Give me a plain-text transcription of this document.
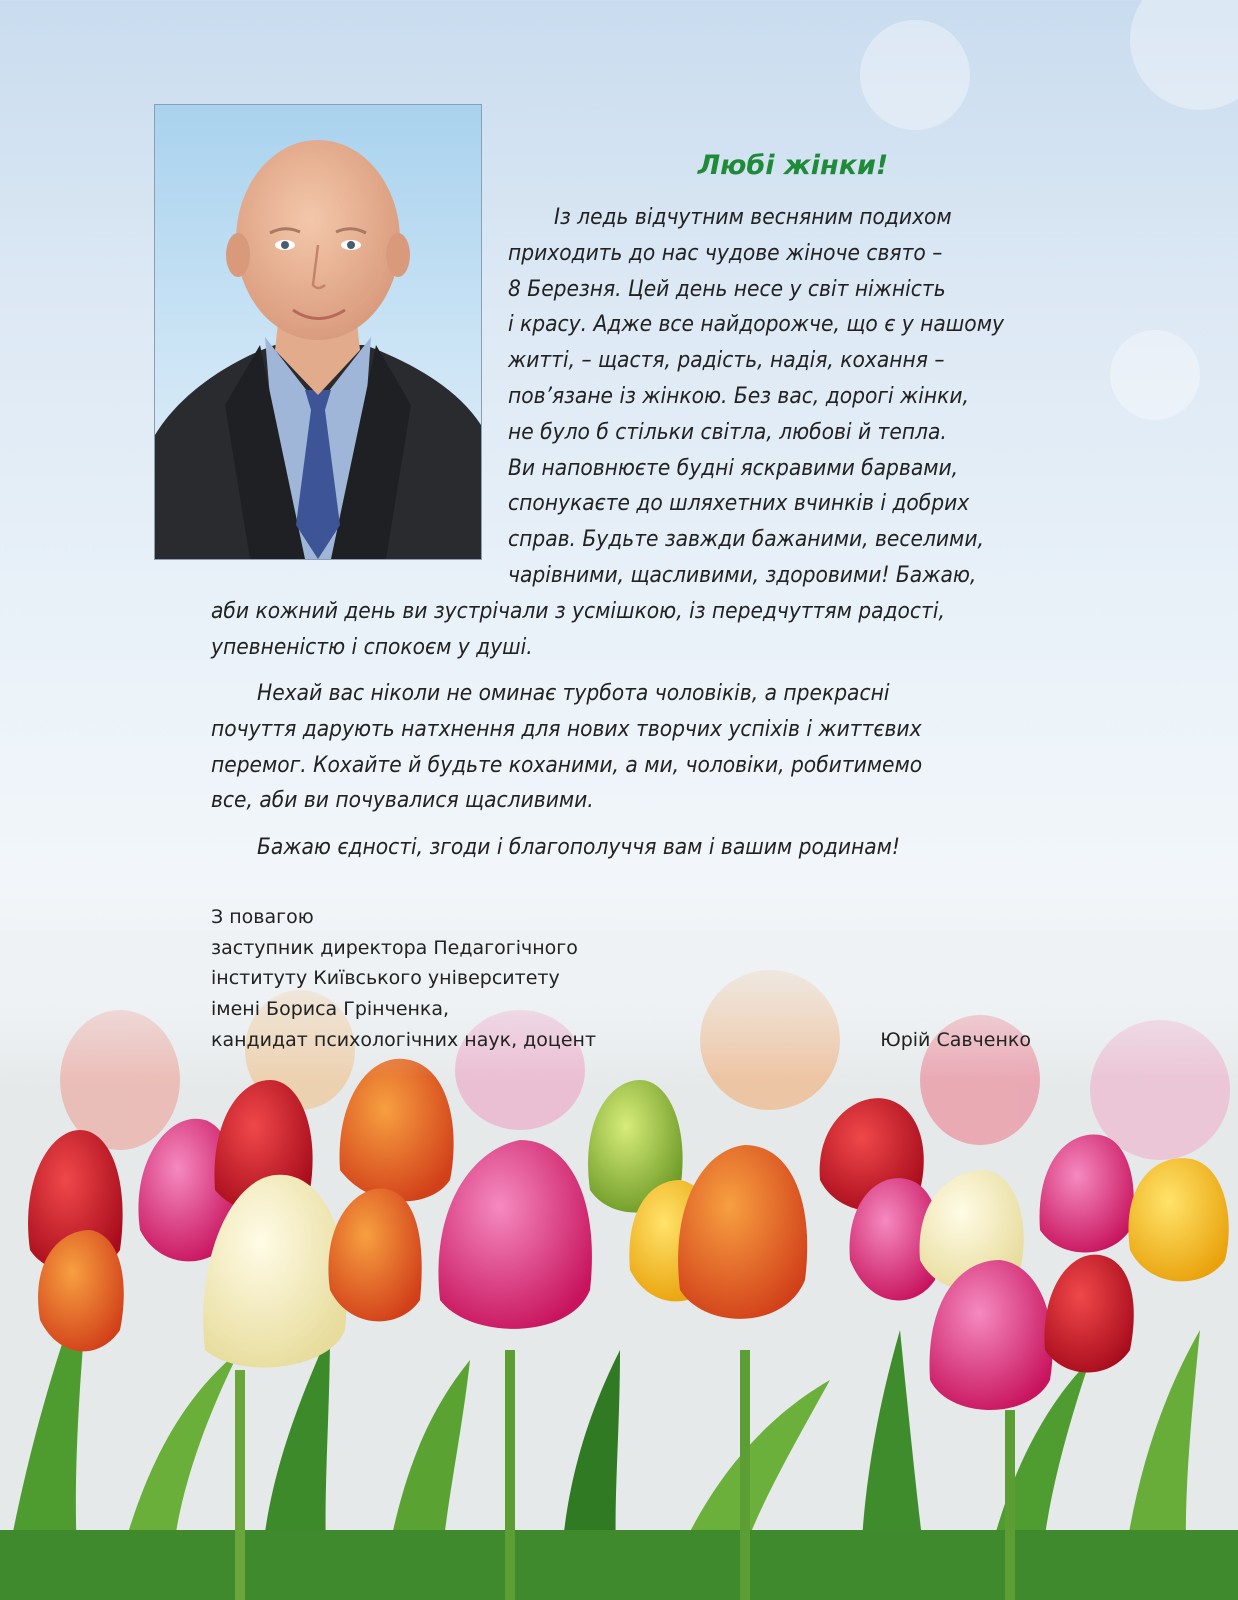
Любі жінки!
Із ледь відчутним весняним подихом
приходить до нас чудове жіноче свято –
8 Березня. Цей день несе у світ ніжність
і красу. Адже все найдорожче, що є у нашому
житті, – щастя, радість, надія, кохання –
пов’язане із жінкою. Без вас, дорогі жінки,
не було б стільки світла, любові й тепла.
Ви наповнюєте будні яскравими барвами,
спонукаєте до шляхетних вчинків і добрих
справ. Будьте завжди бажаними, веселими,
чарівними, щасливими, здоровими! Бажаю,
аби кожний день ви зустрічали з усмішкою, із передчуттям радості,
упевненістю і спокоєм у душі.
Нехай вас ніколи не оминає турбота чоловіків, а прекрасні
почуття дарують натхнення для нових творчих успіхів і життєвих
перемог. Кохайте й будьте коханими, а ми, чоловіки, робитимемо
все, аби ви почувалися щасливими.
Бажаю єдності, згоди і благополуччя вам і вашим родинам!
З повагою
заступник директора Педагогічного
інституту Київського університету
імені Бориса Грінченка,
кандидат психологічних наук, доцент	Юрій Савченко
